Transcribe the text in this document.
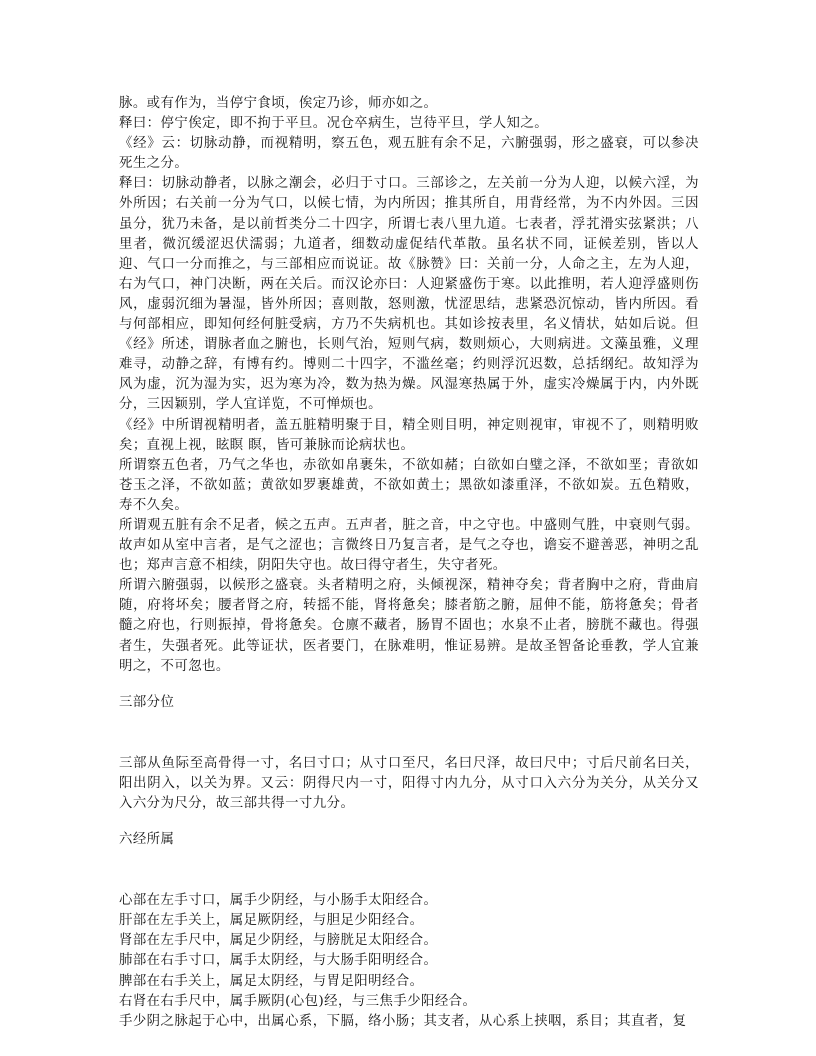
脉。或有作为，当停宁食顷，俟定乃诊，师亦如之。

释曰：停宁俟定，即不拘于平旦。况仓卒病生，岂待平旦，学人知之。

《经》云：切脉动静，而视精明，察五色，观五脏有余不足，六腑强弱，形之盛衰，可以参决死生之分。

释曰：切脉动静者，以脉之潮会，必归于寸口。三部诊之，左关前一分为人迎，以候六淫，为外所因；右关前一分为气口，以候七情，为内所因；推其所自，用背经常，为不内外因。三因虽分，犹乃未备，是以前哲类分二十四字，所谓七表八里九道。七表者，浮芤滑实弦紧洪；八里者，微沉缓涩迟伏濡弱；九道者，细数动虚促结代革散。虽名状不同，证候差别，皆以人迎、气口一分而推之，与三部相应而说证。故《脉赞》曰：关前一分，人命之主，左为人迎，右为气口，神门决断，两在关后。而汉论亦曰：人迎紧盛伤于寒。以此推明，若人迎浮盛则伤风，虚弱沉细为暑湿，皆外所因；喜则散，怒则激，忧涩思结，悲紧恐沉惊动，皆内所因。看与何部相应，即知何经何脏受病，方乃不失病机也。其如诊按表里，名义情状，姑如后说。但《经》所述，谓脉者血之腑也，长则气治，短则气病，数则烦心，大则病进。文藻虽雅，义理难寻，动静之辞，有博有约。博则二十四字，不滥丝毫；约则浮沉迟数，总括纲纪。故知浮为风为虚，沉为湿为实，迟为寒为冷，数为热为燥。风湿寒热属于外，虚实冷燥属于内，内外既分，三因颖别，学人宜详览，不可惮烦也。

《经》中所谓视精明者，盖五脏精明聚于目，精全则目明，神定则视审，审视不了，则精明败矣；直视上视，眩瞑 瞑，皆可兼脉而论病状也。

所谓察五色者，乃气之华也，赤欲如帛裹朱，不欲如赭；白欲如白璧之泽，不欲如垩；青欲如苍玉之泽，不欲如蓝；黄欲如罗裹雄黄，不欲如黄土；黑欲如漆重泽，不欲如炭。五色精败，寿不久矣。

所谓观五脏有余不足者，候之五声。五声者，脏之音，中之守也。中盛则气胜，中衰则气弱。故声如从室中言者，是气之涩也；言微终日乃复言者，是气之夺也，谵妄不避善恶，神明之乱也；郑声言意不相续，阴阳失守也。故曰得守者生，失守者死。

所谓六腑强弱，以候形之盛衰。头者精明之府，头倾视深，精神夺矣；背者胸中之府，背曲肩随，府将坏矣；腰者肾之府，转摇不能，肾将惫矣；膝者筋之腑，屈伸不能，筋将惫矣；骨者髓之府也，行则振掉，骨将惫矣。仓廪不藏者，肠胃不固也；水泉不止者，膀胱不藏也。得强者生，失强者死。此等证状，医者要门，在脉难明，惟证易辨。是故圣智备论垂教，学人宜兼明之，不可忽也。

三部分位

三部从鱼际至高骨得一寸，名曰寸口；从寸口至尺，名曰尺泽，故曰尺中；寸后尺前名曰关，阳出阴入，以关为界。又云：阴得尺内一寸，阳得寸内九分，从寸口入六分为关分，从关分又入六分为尺分，故三部共得一寸九分。

六经所属

心部在左手寸口，属手少阴经，与小肠手太阳经合。

肝部在左手关上，属足厥阴经，与胆足少阳经合。

肾部在左手尺中，属足少阴经，与膀胱足太阳经合。

肺部在右手寸口，属手太阴经，与大肠手阳明经合。

脾部在右手关上，属足太阴经，与胃足阳明经合。

右肾在右手尺中，属手厥阴(心包)经，与三焦手少阳经合。

手少阴之脉起于心中，出属心系，下膈，络小肠；其支者，从心系上挟咽，系目；其直者，复
